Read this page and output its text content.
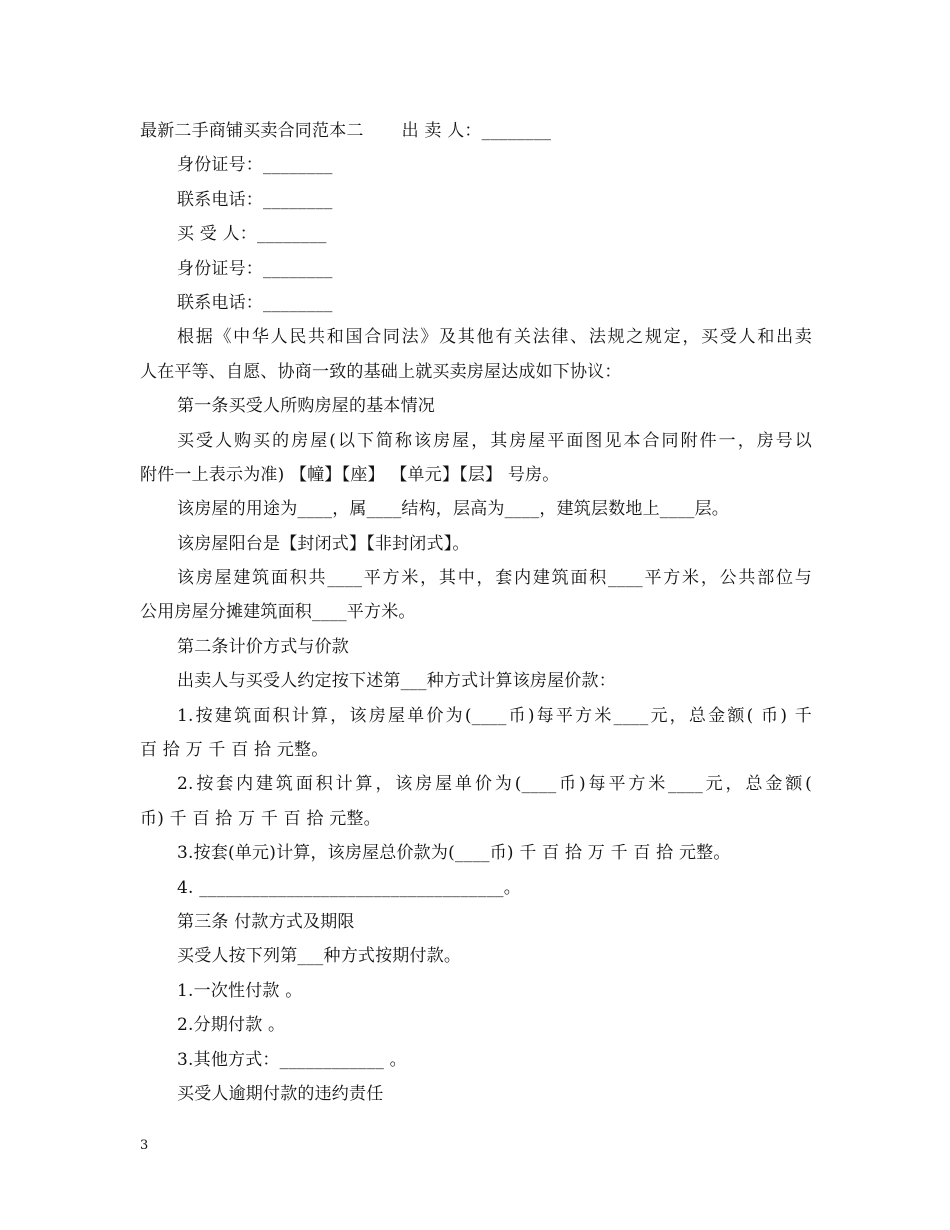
最新二手商铺买卖合同范本二 出 卖 人：________
身份证号：________
联系电话：________
买 受 人：________
身份证号：________
联系电话：________
根据《中华人民共和国合同法》及其他有关法律、法规之规定，买受人和出卖
人在平等、自愿、协商一致的基础上就买卖房屋达成如下协议：
第一条买受人所购房屋的基本情况
买受人购买的房屋(以下简称该房屋，其房屋平面图见本合同附件一，房号以
附件一上表示为准) 【幢】【座】 【单元】【层】 号房。
该房屋的用途为____，属____结构，层高为____，建筑层数地上____层。
该房屋阳台是【封闭式】【非封闭式】。
该房屋建筑面积共____平方米，其中，套内建筑面积____平方米，公共部位与
公用房屋分摊建筑面积____平方米。
第二条计价方式与价款
出卖人与买受人约定按下述第___种方式计算该房屋价款：
1.按建筑面积计算，该房屋单价为(____币)每平方米____元，总金额( 币) 千
百 拾 万 千 百 拾 元整。
2.按套内建筑面积计算，该房屋单价为(____币)每平方米____元，总金额(
币) 千 百 拾 万 千 百 拾 元整。
3.按套(单元)计算，该房屋总价款为(____币) 千 百 拾 万 千 百 拾 元整。
4. ___________________________________。
第三条 付款方式及期限
买受人按下列第___种方式按期付款。
1.一次性付款 。
2.分期付款 。
3.其他方式：____________ 。
买受人逾期付款的违约责任
3
